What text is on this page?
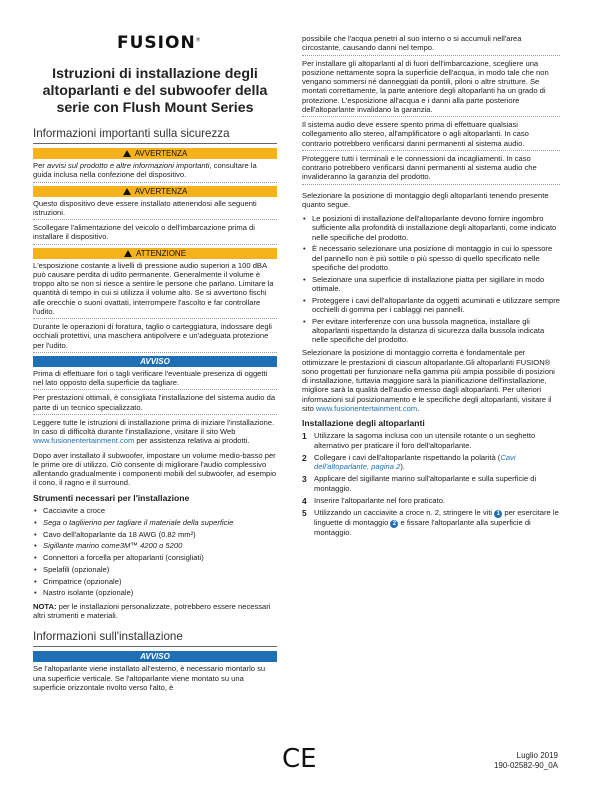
FUSION®
Istruzioni di installazione degli altoparlanti e del subwoofer della serie con Flush Mount Series
Informazioni importanti sulla sicurezza
AVVERTENZA

Per avvisi sul prodotto e altre informazioni importanti, consultare la guida inclusa nella confezione del dispositivo.

AVVERTENZA

Questo dispositivo deve essere installato attenendosi alle seguenti istruzioni.

Scollegare l'alimentazione del veicolo o dell'imbarcazione prima di installare il dispositivo.

ATTENZIONE

L'esposizione costante a livelli di pressione audio superiori a 100 dBA può causare perdita di udito permanente. Generalmente il volume è troppo alto se non si riesce a sentire le persone che parlano. Limitare la quantità di tempo in cui si utilizza il volume alto. Se si avvertono fischi alle orecchie o suoni ovattati, interrompere l'ascolto e far controllare l'udito.

Durante le operazioni di foratura, taglio o carteggiatura, indossare degli occhiali protettivi, una maschera antipolvere e un'adeguata protezione per l'udito.

AVVISO

Prima di effettuare fori o tagli verificare l'eventuale presenza di oggetti nel lato opposto della superficie da tagliare.

Per prestazioni ottimali, è consigliata l'installazione del sistema audio da parte di un tecnico specializzato.

Leggere tutte le istruzioni di installazione prima di iniziare l'installazione. In caso di difficoltà durante l'installazione, visitare il sito Web www.fusionentertainment.com per assistenza relativa ai prodotti.

Dopo aver installato il subwoofer, impostare un volume medio-basso per le prime ore di utilizzo. Ciò consente di migliorare l'audio complessivo allentando gradualmente i componenti mobili del subwoofer, ad esempio il cono, il ragno e il surround.

Strumenti necessari per l'installazione
• Cacciavite a croce
• Sega o tagliierino per tagliare il materiale della superficie
• Cavo dell'altoparlante da 18 AWG (0.82 mm²)
• Sigillante marino come3M™ 4200 o 5200
• Connettori a forcella per altoparlanti (consigliati)
• Spelafili (opzionale)
• Crimpatrice (opzionale)
• Nastro isolante (opzionale)

NOTA: per le installazioni personalizzate, potrebbero essere necessari altri strumenti e materiali.

Informazioni sull'installazione
AVVISO

Se l'altoparlante viene installato all'esterno, è necessario montarlo su una superficie verticale. Se l'altoparlante viene montato su una superficie orizzontale rivolto verso l'alto, è

possibile che l'acqua penetri al suo interno o si accumuli nell'area circostante, causando danni nel tempo.

Per installare gli altoparlanti al di fuori dell'imbarcazione, scegliere una posizione nettamente sopra la superficie dell'acqua, in modo tale che non vengano sommersi né danneggiati da pontili, piloni o altre strutture. Se montati correttamente, la parte anteriore degli altoparlanti ha un grado di protezione. L'esposizione all'acqua e i danni alla parte posteriore dell'altoparlante invalidano la garanzia.

Il sistema audio deve essere spento prima di effettuare qualsiasi collegamento allo stereo, all'amplificatore o agli altoparlanti. In caso contrario potrebbero verificarsi danni permanenti al sistema audio.

Proteggere tutti i terminali e le connessioni da incagliamenti. In caso contrario potrebbero verificarsi danni permanenti al sistema audio che invalideranno la garanzia del prodotto.

Selezionare la posizione di montaggio degli altoparlanti tenendo presente quanto segue.

• Le posizioni di installazione dell'altoparlante devono fornire ingombro sufficiente alla profondità di installazione degli altoparlanti, come indicato nelle specifiche del prodotto.
• È necessario selezionare una posizione di montaggio in cui lo spessore del pannello non è più sottile o più spesso di quello specificato nelle specifiche del prodotto.
• Selezionare una superficie di installazione piatta per sigillare in modo ottimale.
• Proteggere i cavi dell'altoparlante da oggetti acuminati e utilizzare sempre occhielli di gomma per i cablaggi nei pannelli.
• Per evitare interferenze con una bussola magnetica, installare gli altoparlanti rispettando la distanza di sicurezza dalla bussola indicata nelle specifiche del prodotto.

Selezionare la posizione di montaggio corretta è fondamentale per ottimizzare le prestazioni di ciascun altoparlante.Gli altoparlanti FUSION® sono progettati per funzionare nella gamma più ampia possibile di posizioni di installazione, tuttavia maggiore sarà la pianificazione dell'installazione, migliore sarà la qualità dell'audio emesso dagli altoparlanti. Per ulteriori informazioni sul posizionamento e le specifiche degli altoparlanti, visitare il sito www.fusionentertainment.com.

Installazione degli altoparlanti
1 Utilizzare la sagoma inclusa con un utensile rotante o un seghetto alternativo per praticare il foro dell'altoparlante.
2 Collegare i cavi dell'altoparlante rispettando la polarità (Cavi dell'altoparlante, pagina 2).
3 Applicare del sigillante marino sull'altoparlante e sulla superficie di montaggio.
4 Inserire l'altoparlante nel foro praticato.
5 Utilizzando un cacciavite a croce n. 2, stringere le viti 1 per esercitare le linguette di montaggio 2 e fissare l'altoparlante alla superficie di montaggio.
CE	Luglio 2019
190-02582-90_0A
